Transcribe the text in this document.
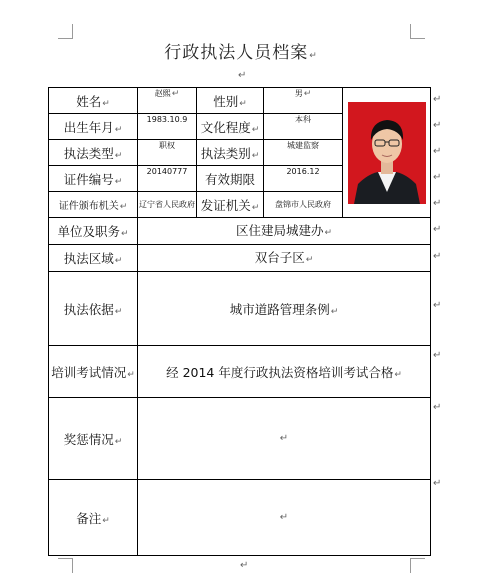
行政执法人员档案↵
↵
姓名↵	赵熙↵	性别↵	男↵	

出生年月↵	1983.10.9	文化程度↵	本科	
执法类型↵	职权	执法类别↵	城建监察	
证件编号↵	20140777	有效期限	2016.12	
证件颁布机关↵	辽宁省人民政府	发证机关↵	盘锦市人民政府	
单位及职务↵	区住建局城建办↵			
执法区域↵	双台子区↵			
执法依据↵	城市道路管理条例↵			
培训考试情况↵	经 2014 年度行政执法资格培训考试合格↵			
奖惩情况↵	↵			
备注↵	↵			
↵
↵
↵
↵
↵
↵
↵
↵
↵
↵
↵
↵
